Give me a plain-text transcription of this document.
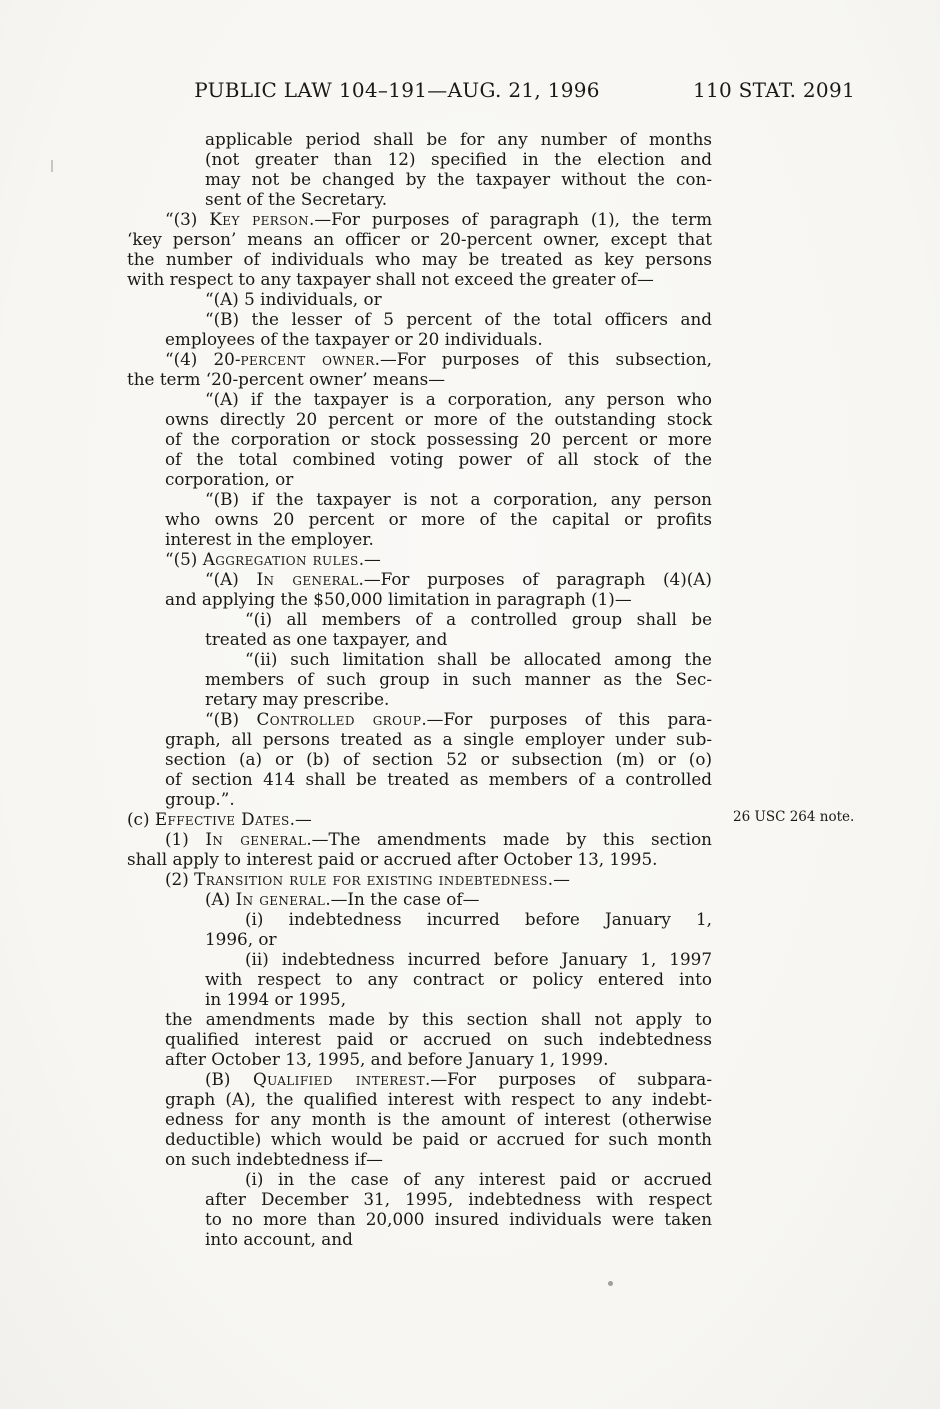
PUBLIC LAW 104–191—AUG. 21, 1996	110 STAT. 2091
applicable period shall be for any number of months
(not greater than 12) specified in the election and
may not be changed by the taxpayer without the con-
sent of the Secretary.
“(3) Key person.—For purposes of paragraph (1), the term
‘key person’ means an officer or 20-percent owner, except that
the number of individuals who may be treated as key persons
with respect to any taxpayer shall not exceed the greater of—
“(A) 5 individuals, or
“(B) the lesser of 5 percent of the total officers and
employees of the taxpayer or 20 individuals.
“(4) 20-percent owner.—For purposes of this subsection,
the term ‘20-percent owner’ means—
“(A) if the taxpayer is a corporation, any person who
owns directly 20 percent or more of the outstanding stock
of the corporation or stock possessing 20 percent or more
of the total combined voting power of all stock of the
corporation, or
“(B) if the taxpayer is not a corporation, any person
who owns 20 percent or more of the capital or profits
interest in the employer.
“(5) Aggregation rules.—
“(A) In general.—For purposes of paragraph (4)(A)
and applying the $50,000 limitation in paragraph (1)—
“(i) all members of a controlled group shall be
treated as one taxpayer, and
“(ii) such limitation shall be allocated among the
members of such group in such manner as the Sec-
retary may prescribe.
“(B) Controlled group.—For purposes of this para-
graph, all persons treated as a single employer under sub-
section (a) or (b) of section 52 or subsection (m) or (o)
of section 414 shall be treated as members of a controlled
group.”.
(c) Effective Dates.—
(1) In general.—The amendments made by this section
shall apply to interest paid or accrued after October 13, 1995.
(2) Transition rule for existing indebtedness.—
(A) In general.—In the case of—
(i) indebtedness incurred before January 1,
1996, or
(ii) indebtedness incurred before January 1, 1997
with respect to any contract or policy entered into
in 1994 or 1995,
the amendments made by this section shall not apply to
qualified interest paid or accrued on such indebtedness
after October 13, 1995, and before January 1, 1999.
(B) Qualified interest.—For purposes of subpara-
graph (A), the qualified interest with respect to any indebt-
edness for any month is the amount of interest (otherwise
deductible) which would be paid or accrued for such month
on such indebtedness if—
(i) in the case of any interest paid or accrued
after December 31, 1995, indebtedness with respect
to no more than 20,000 insured individuals were taken
into account, and
26 USC 264 note.
